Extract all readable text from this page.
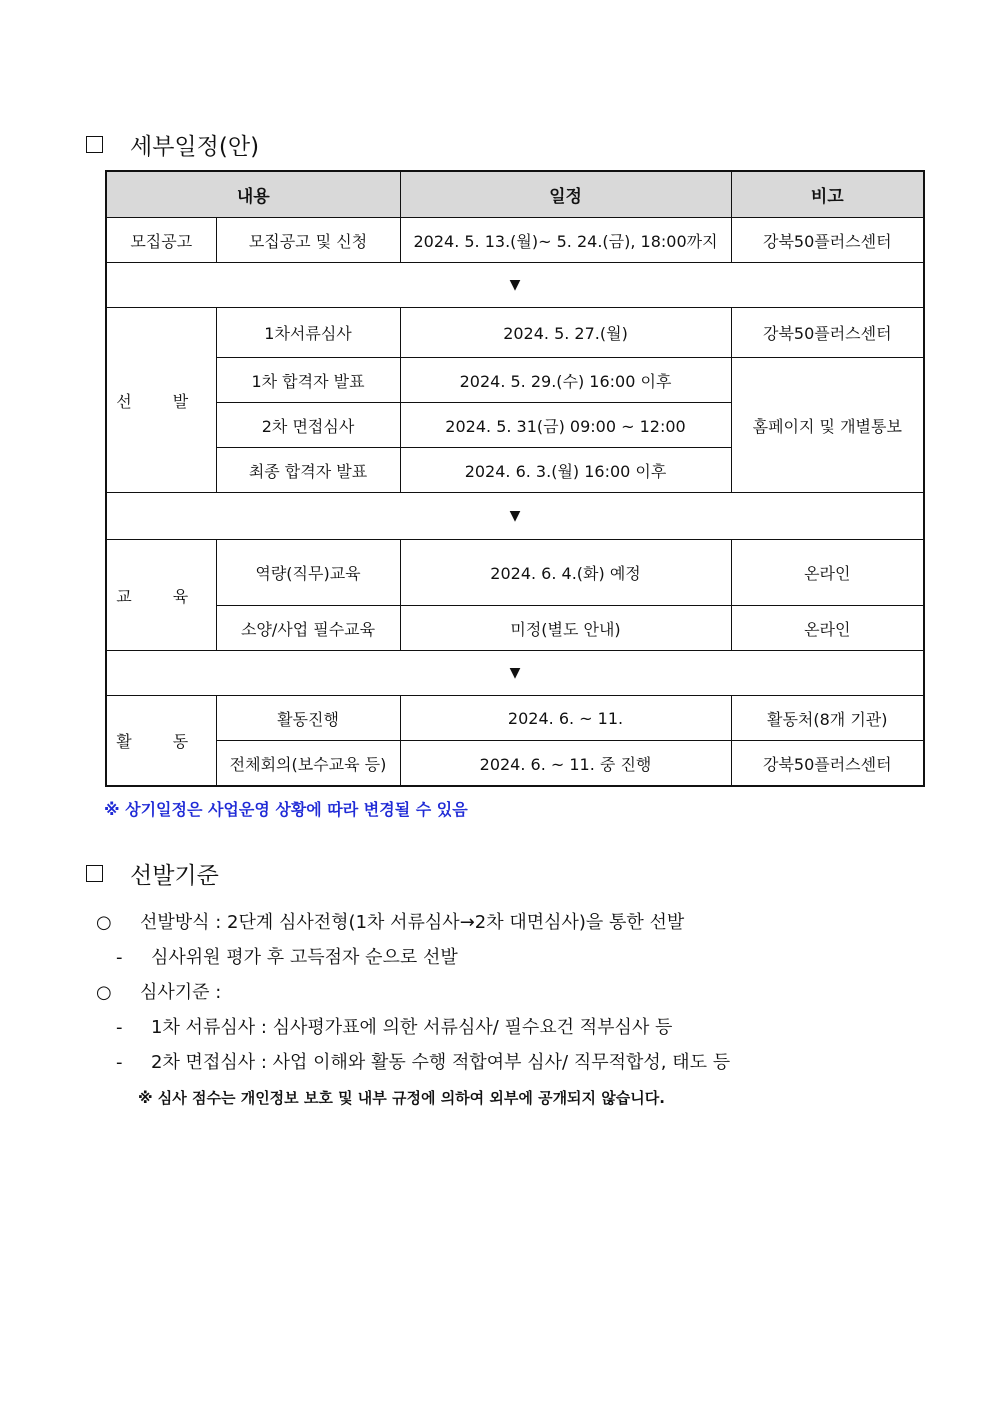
세부일정(안)
내용		일정	비고
모집공고	모집공고 및 신청	2024. 5. 13.(월)~ 5. 24.(금), 18:00까지	강북50플러스센터
▼			
선 발	1차서류심사	2024. 5. 27.(월)	강북50플러스센터
	1차 합격자 발표	2024. 5. 29.(수) 16:00 이후	홈페이지 및 개별통보
	2차 면접심사	2024. 5. 31(금) 09:00 ~ 12:00	
	최종 합격자 발표	2024. 6. 3.(월) 16:00 이후	
▼			
교 육	역량(직무)교육	2024. 6. 4.(화) 예정	온라인
	소양/사업 필수교육	미정(별도 안내)	온라인
▼			
활 동	활동진행	2024. 6. ~ 11.	활동처(8개 기관)
	전체회의(보수교육 등)	2024. 6. ~ 11. 중 진행	강북50플러스센터
※ 상기일정은 사업운영 상황에 따라 변경될 수 있음
선발기준
○ 선발방식 : 2단계 심사전형(1차 서류심사→2차 대면심사)을 통한 선발
- 심사위원 평가 후 고득점자 순으로 선발
○ 심사기준 :
- 1차 서류심사 : 심사평가표에 의한 서류심사/ 필수요건 적부심사 등
- 2차 면접심사 : 사업 이해와 활동 수행 적합여부 심사/ 직무적합성, 태도 등
※ 심사 점수는 개인정보 보호 및 내부 규정에 의하여 외부에 공개되지 않습니다.
